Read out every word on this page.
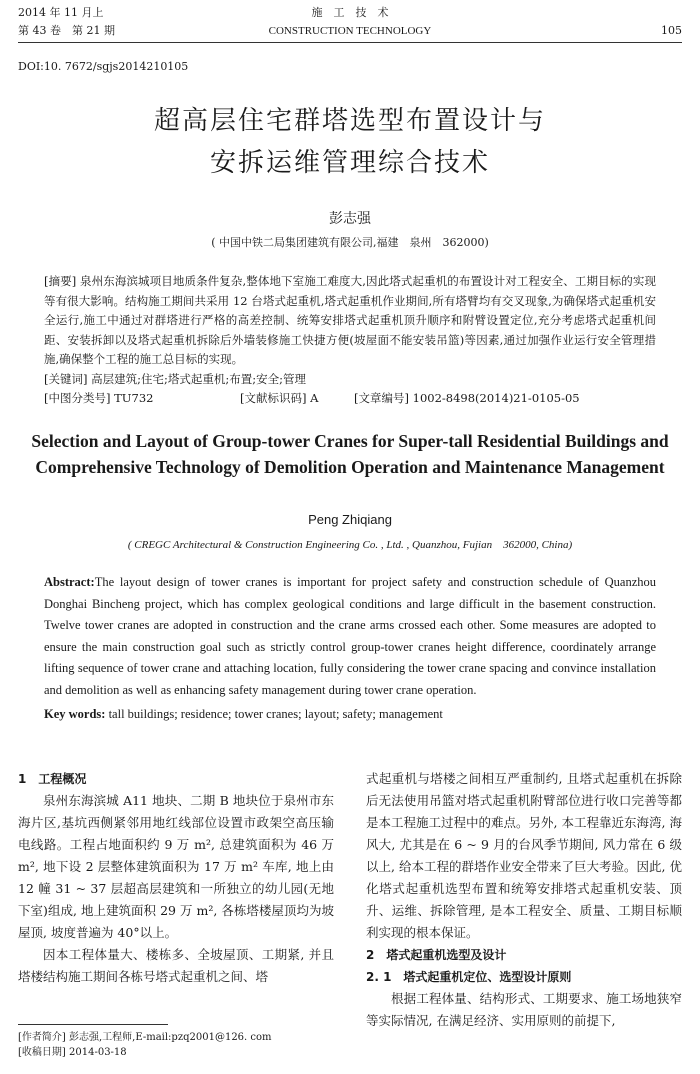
2014 年 11 月上
第 43 卷　第 21 期
施　工　技　术
CONSTRUCTION TECHNOLOGY	105
DOI:10. 7672/sgjs2014210105
超高层住宅群塔选型布置设计与
安拆运维管理综合技术
彭志强
( 中国中铁二局集团建筑有限公司,福建　泉州　362000)

[摘要] 泉州东海滨城项目地质条件复杂,整体地下室施工难度大,因此塔式起重机的布置设计对工程安全、工期目标的实现等有很大影响。结构施工期间共采用 12 台塔式起重机,塔式起重机作业期间,所有塔臂均有交叉现象,为确保塔式起重机安全运行,施工中通过对群塔进行严格的高差控制、统筹安排塔式起重机顶升顺序和附臂设置定位,充分考虑塔式起重机间距、安装拆卸以及塔式起重机拆除后外墙装修施工快捷方便(坡屋面不能安装吊篮)等因素,通过加强作业运行安全管理措施,确保整个工程的施工总目标的实现。

[关键词] 高层建筑;住宅;塔式起重机;布置;安全;管理

[中图分类号] TU732	[文献标识码] A	[文章编号] 1002-8498(2014)21-0105-05

Selection and Layout of Group-tower Cranes for Super-tall Residential Buildings and Comprehensive Technology of Demolition Operation and Maintenance Management
Peng Zhiqiang
( CREGC Architectural & Construction Engineering Co. , Ltd. , Quanzhou, Fujian　362000, China)
Abstract:The layout design of tower cranes is important for project safety and construction schedule of Quanzhou Donghai Bincheng project, which has complex geological conditions and large difficult in the basement construction. Twelve tower cranes are adopted in construction and the crane arms crossed each other. Some measures are adopted to ensure the main construction goal such as strictly control group-tower cranes height difference, coordinately arrange lifting sequence of tower crane and attaching location, fully considering the tower crane spacing and convince installation and demolition as well as enhancing safety management during tower crane operation.
Key words: tall buildings; residence; tower cranes; layout; safety; management
1　工程概况

泉州东海滨城 A11 地块、二期 B 地块位于泉州市东海片区,基坑西侧紧邻用地红线部位设置市政架空高压输电线路。工程占地面积约 9 万 m², 总建筑面积为 46 万 m², 地下设 2 层整体建筑面积为 17 万 m² 车库, 地上由 12 幢 31 ~ 37 层超高层建筑和一所独立的幼儿园(无地下室)组成, 地上建筑面积 29 万 m², 各栋塔楼屋顶均为坡屋顶, 坡度普遍为 40°以上。

因本工程体量大、楼栋多、全坡屋顶、工期紧, 并且塔楼结构施工期间各栋号塔式起重机之间、塔

式起重机与塔楼之间相互严重制约, 且塔式起重机在拆除后无法使用吊篮对塔式起重机附臂部位进行收口完善等都是本工程施工过程中的难点。另外, 本工程靠近东海湾, 海风大, 尤其是在 6 ~ 9 月的台风季节期间, 风力常在 6 级以上, 给本工程的群塔作业安全带来了巨大考验。因此, 优化塔式起重机选型布置和统筹安排塔式起重机安装、顶升、运维、拆除管理, 是本工程安全、质量、工期目标顺利实现的根本保证。
2　塔式起重机选型及设计
2. 1　塔式起重机定位、选型设计原则

根据工程体量、结构形式、工期要求、施工场地狭窄等实际情况, 在满足经济、实用原则的前提下,

[作者简介] 彭志强,工程师,E-mail:pzq2001@126. com
[收稿日期] 2014-03-18
